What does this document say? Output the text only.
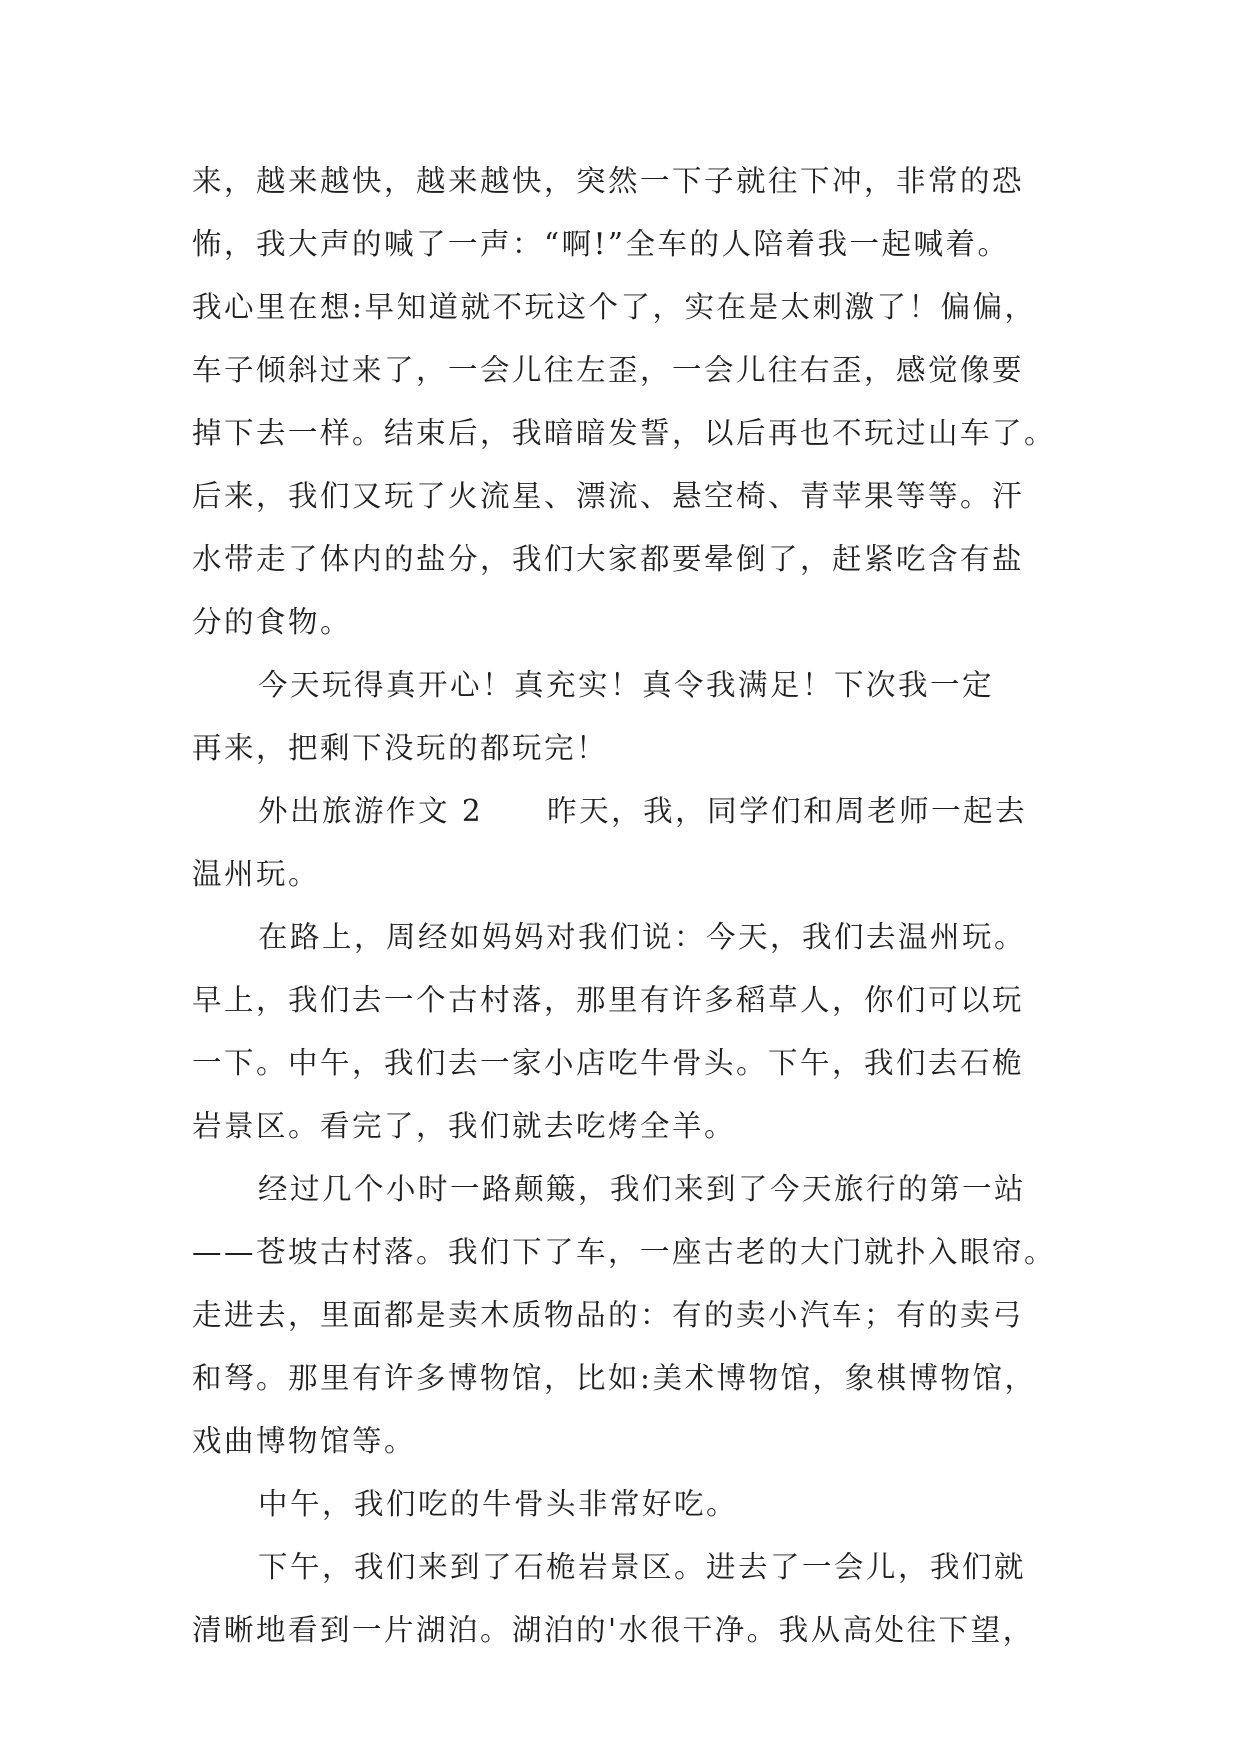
来，越来越快，越来越快，突然一下子就往下冲，非常的恐
怖，我大声的喊了一声：“啊!”全车的人陪着我一起喊着。
我心里在想:早知道就不玩这个了，实在是太刺激了！偏偏，
车子倾斜过来了，一会儿往左歪，一会儿往右歪，感觉像要
掉下去一样。结束后，我暗暗发誓，以后再也不玩过山车了。
后来，我们又玩了火流星、漂流、悬空椅、青苹果等等。汗
水带走了体内的盐分，我们大家都要晕倒了，赶紧吃含有盐
分的食物。
今天玩得真开心！真充实！真令我满足！下次我一定
再来，把剩下没玩的都玩完！
外出旅游作文 2　　昨天，我，同学们和周老师一起去
温州玩。
在路上，周经如妈妈对我们说：今天，我们去温州玩。
早上，我们去一个古村落，那里有许多稻草人，你们可以玩
一下。中午，我们去一家小店吃牛骨头。下午，我们去石桅
岩景区。看完了，我们就去吃烤全羊。
经过几个小时一路颠簸，我们来到了今天旅行的第一站
——苍坡古村落。我们下了车，一座古老的大门就扑入眼帘。
走进去，里面都是卖木质物品的：有的卖小汽车；有的卖弓
和弩。那里有许多博物馆，比如:美术博物馆，象棋博物馆，
戏曲博物馆等。
中午，我们吃的牛骨头非常好吃。
下午，我们来到了石桅岩景区。进去了一会儿，我们就
清晰地看到一片湖泊。湖泊的'水很干净。我从高处往下望，
